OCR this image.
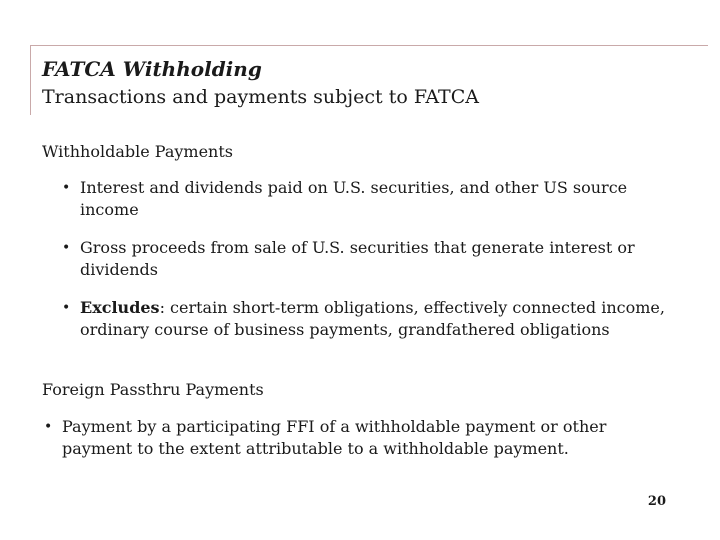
FATCA Withholding
Transactions and payments subject to FATCA
Withholdable Payments
• Interest and dividends paid on U.S. securities, and other US source income
• Gross proceeds from sale of U.S. securities that generate interest or dividends
• Excludes: certain short-term obligations, effectively connected income, ordinary course of business payments, grandfathered obligations
Foreign Passthru Payments
• Payment by a participating FFI of a withholdable payment or other payment to the extent attributable to a withholdable payment.
20
